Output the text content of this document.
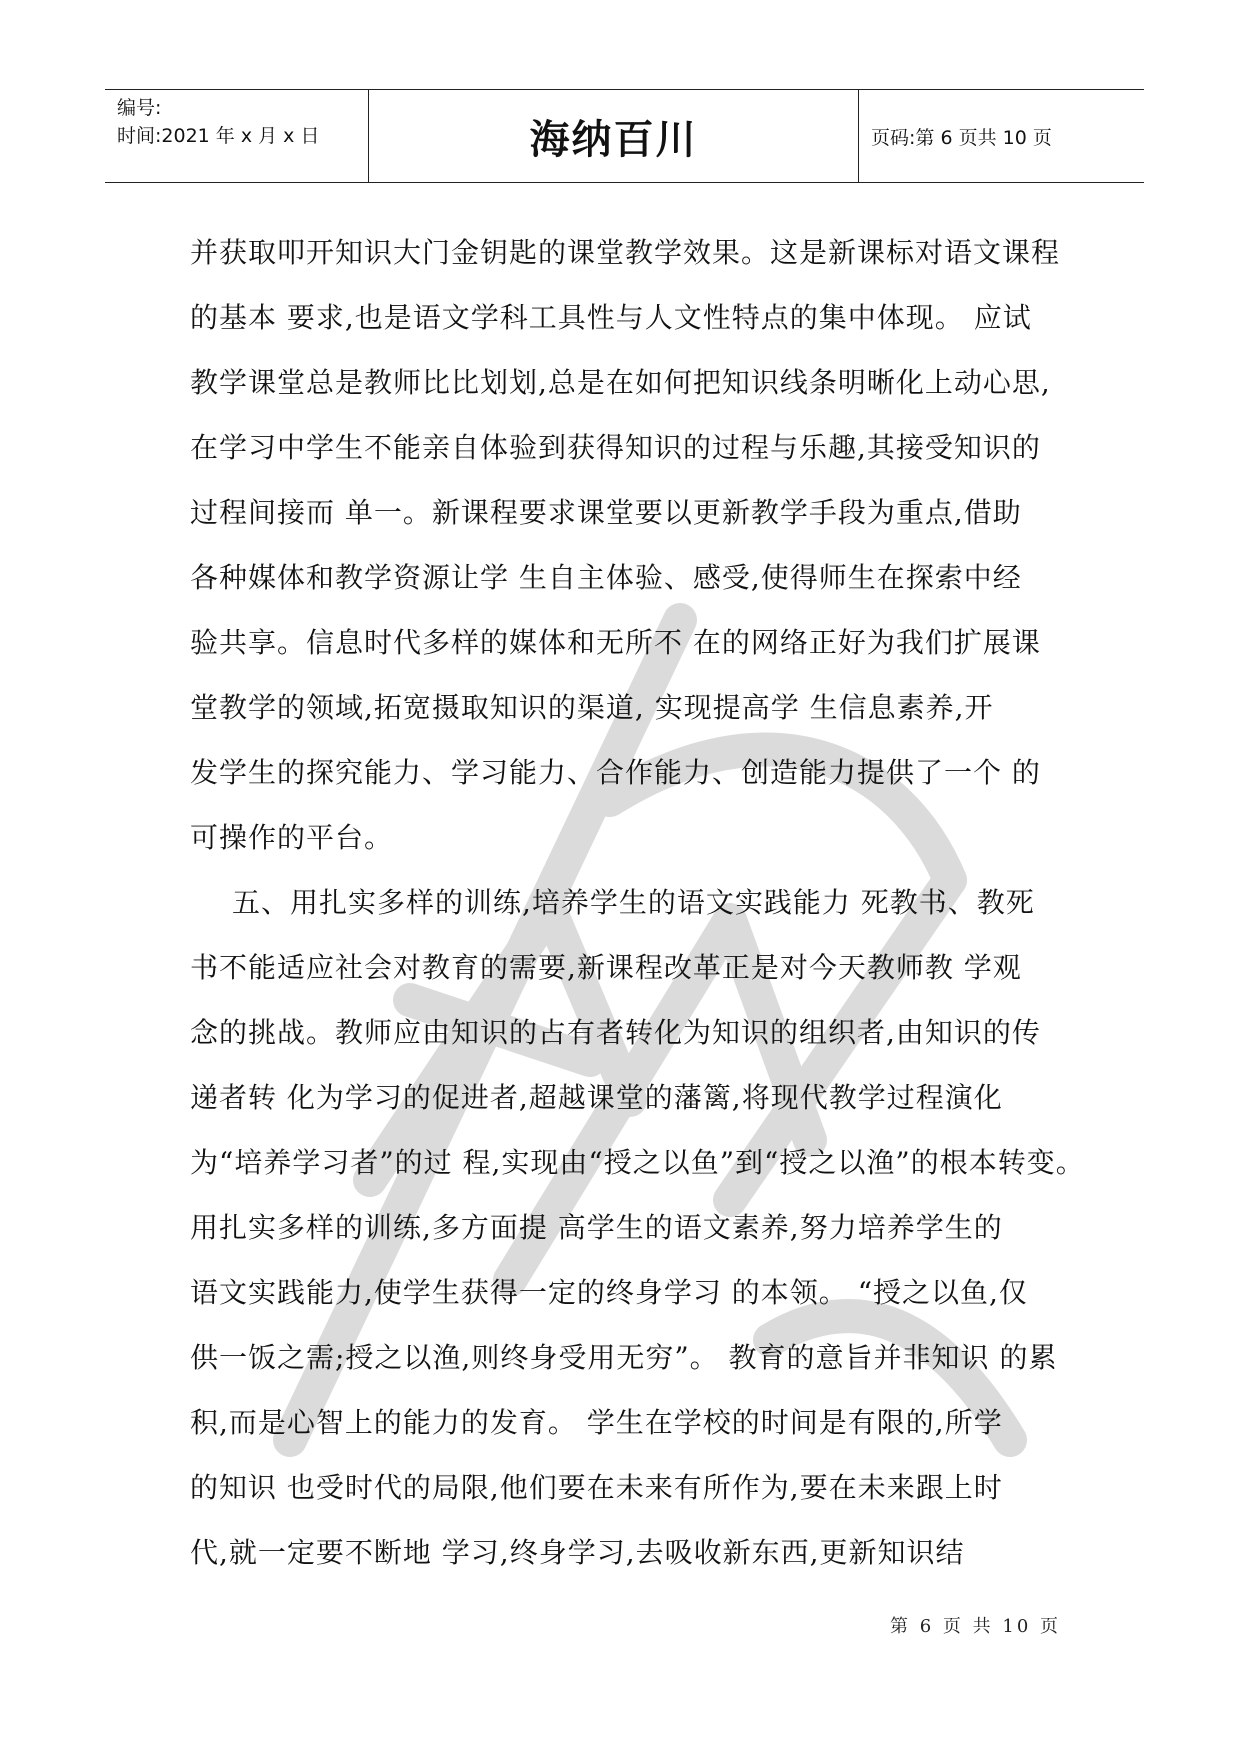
编号:
时间:2021 年 x 月 x 日	海纳百川	页码:第 6 页共 10 页

并获取叩开知识大门金钥匙的课堂教学效果。这是新课标对语文课程

的基本 要求,也是语文学科工具性与人文性特点的集中体现。 应试

教学课堂总是教师比比划划,总是在如何把知识线条明晰化上动心思,

在学习中学生不能亲自体验到获得知识的过程与乐趣,其接受知识的

过程间接而 单一。新课程要求课堂要以更新教学手段为重点,借助

各种媒体和教学资源让学 生自主体验、感受,使得师生在探索中经

验共享。信息时代多样的媒体和无所不 在的网络正好为我们扩展课

堂教学的领域,拓宽摄取知识的渠道, 实现提高学 生信息素养,开

发学生的探究能力、学习能力、合作能力、创造能力提供了一个 的

可操作的平台。

五、用扎实多样的训练,培养学生的语文实践能力 死教书、教死

书不能适应社会对教育的需要,新课程改革正是对今天教师教 学观

念的挑战。教师应由知识的占有者转化为知识的组织者,由知识的传

递者转 化为学习的促进者,超越课堂的藩篱,将现代教学过程演化

为“培养学习者”的过 程,实现由“授之以鱼”到“授之以渔”的根本转变。

用扎实多样的训练,多方面提 高学生的语文素养,努力培养学生的

语文实践能力,使学生获得一定的终身学习 的本领。 “授之以鱼,仅

供一饭之需;授之以渔,则终身受用无穷”。 教育的意旨并非知识 的累

积,而是心智上的能力的发育。 学生在学校的时间是有限的,所学

的知识 也受时代的局限,他们要在未来有所作为,要在未来跟上时

代,就一定要不断地 学习,终身学习,去吸收新东西,更新知识结

第 6 页 共 10 页
